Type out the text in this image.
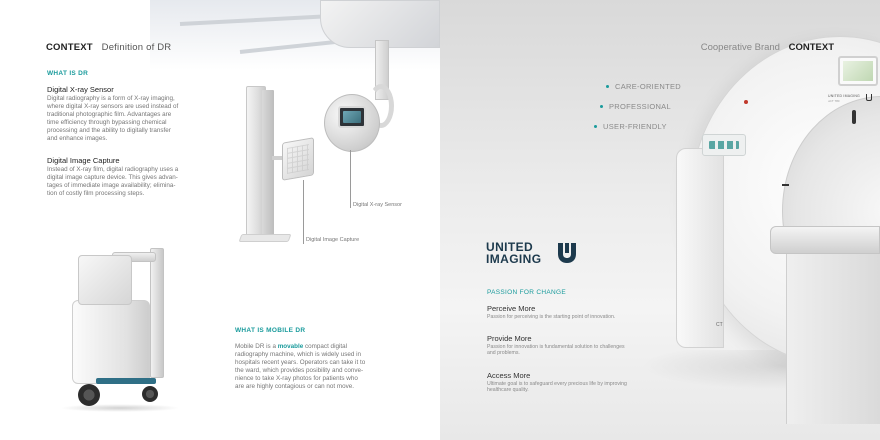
CONTEXT Definition of DR
WHAT IS DR
Digital X-ray Sensor
Digital radiography is a form of X-ray imaging,
where digital X-ray sensors are used instead of
traditional photographic film. Advantages are
time efficiency through bypassing chemical
processing and the ability to digitally transfer
and enhance images.
Digital Image Capture
Instead of X-ray film, digital radiography uses a
digital image capture device. This gives advan-
tages of immediate image availability; elimina-
tion of costly film processing steps.
Digital X-ray Sensor
Digital Image Capture
WHAT IS MOBILE DR
Mobile DR is a movable compact digital
radiography machine, which is widely used in
hospitals recent years. Operators can take it to
the ward, which provides posibility and conve-
nience to take X-ray photos for patients who
are are highly contagious or can not move.
UNITED IMAGING
uCT 780
CT
Cooperative Brand CONTEXT
CARE-ORIENTED
PROFESSIONAL
USER-FRIENDLY
UNITED
IMAGING
PASSION FOR CHANGE
Perceive More
Passion for perceiving is the starting point of innovation.
Provide More
Passion for innovation is fundamental solution to challenges
and problems.
Access More
Ultimate goal is to safeguard every precious life by improving
healthcare quality.
